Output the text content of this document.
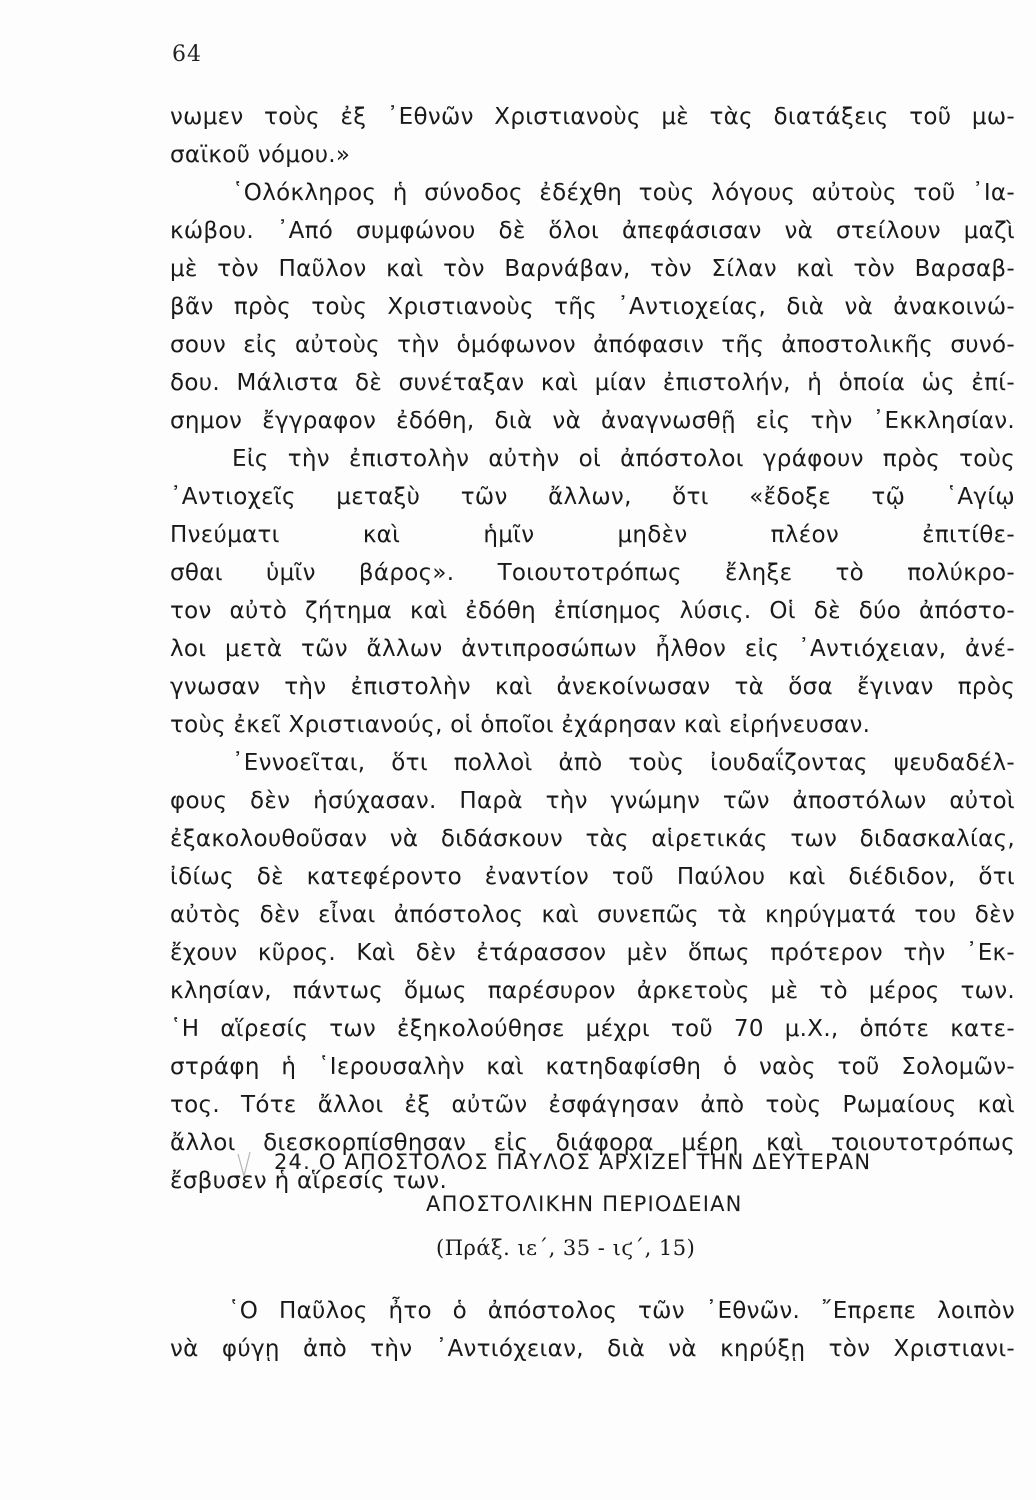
64
νωμεν τοὺς ἐξ ᾿Εθνῶν Χριστιανοὺς μὲ τὰς διατάξεις τοῦ μω-
σαϊκοῦ νόμου.»
῾Ολόκληρος ἡ σύνοδος ἐδέχθη τοὺς λόγους αὐτοὺς τοῦ ᾿Ια-
κώβου. ᾿Από συμφώνου δὲ ὅλοι ἀπεφάσισαν νὰ στείλουν μαζὶ
μὲ τὸν Παῦλον καὶ τὸν Βαρνάβαν, τὸν Σίλαν καὶ τὸν Βαρσαβ-
βᾶν πρὸς τοὺς Χριστιανοὺς τῆς ᾿Αντιοχείας, διὰ νὰ ἀνακοινώ-
σουν εἰς αὐτοὺς τὴν ὁμόφωνον ἀπόφασιν τῆς ἀποστολικῆς συνό-
δου. Μάλιστα δὲ συνέταξαν καὶ μίαν ἐπιστολήν, ἡ ὁποία ὡς ἐπί-
σημον ἔγγραφον ἐδόθη, διὰ νὰ ἀναγνωσθῇ εἰς τὴν ᾿Εκκλησίαν.
Εἰς τὴν ἐπιστολὴν αὐτὴν οἱ ἀπόστολοι γράφουν πρὸς τοὺς
᾿Αντιοχεῖς μεταξὺ τῶν ἄλλων, ὅτι «ἔδοξε τῷ ῾Αγίῳ
Πνεύματι καὶ ἡμῖν μηδὲν πλέον ἐπιτίθε-
σθαι ὑμῖν βάρος». Τοιουτοτρόπως ἔληξε τὸ πολύκρο-
τον αὐτὸ ζήτημα καὶ ἐδόθη ἐπίσημος λύσις. Οἱ δὲ δύο ἀπόστο-
λοι μετὰ τῶν ἄλλων ἀντιπροσώπων ἦλθον εἰς ᾿Αντιόχειαν, ἀνέ-
γνωσαν τὴν ἐπιστολὴν καὶ ἀνεκοίνωσαν τὰ ὅσα ἔγιναν πρὸς
τοὺς ἐκεῖ Χριστιανούς, οἱ ὁποῖοι ἐχάρησαν καὶ εἰρήνευσαν.
᾿Εννοεῖται, ὅτι πολλοὶ ἀπὸ τοὺς ἰουδαΐζοντας ψευδαδέλ-
φους δὲν ἡσύχασαν. Παρὰ τὴν γνώμην τῶν ἀποστόλων αὐτοὶ
ἐξακολουθοῦσαν νὰ διδάσκουν τὰς αἱρετικάς των διδασκαλίας,
ἰδίως δὲ κατεφέροντο ἐναντίον τοῦ Παύλου καὶ διέδιδον, ὅτι
αὐτὸς δὲν εἶναι ἀπόστολος καὶ συνεπῶς τὰ κηρύγματά του δὲν
ἔχουν κῦρος. Καὶ δὲν ἐτάρασσον μὲν ὅπως πρότερον τὴν ᾿Εκ-
κλησίαν, πάντως ὅμως παρέσυρον ἀρκετοὺς μὲ τὸ μέρος των.
῾Η αἵρεσίς των ἐξηκολούθησε μέχρι τοῦ 70 μ.Χ., ὁπότε κατε-
στράφη ἡ ῾Ιερουσαλὴν καὶ κατηδαφίσθη ὁ ναὸς τοῦ Σολομῶν-
τος. Τότε ἄλλοι ἐξ αὐτῶν ἐσφάγησαν ἀπὸ τοὺς Ρωμαίους καὶ
ἄλλοι διεσκορπίσθησαν εἰς διάφορα μέρη καὶ τοιουτοτρόπως
ἔσβυσεν ἡ αἵρεσίς των.
24. Ο ΑΠΟΣΤΟΛΟΣ ΠΑΥΛΟΣ ΑΡΧΙΖΕΙ ΤΗΝ ΔΕΥΤΕΡΑΝ
ΑΠΟΣΤΟΛΙΚΗΝ ΠΕΡΙΟΔΕΙΑΝ
(Πράξ. ιε΄, 35 - ιϛ΄, 15)
῾Ο Παῦλος ἦτο ὁ ἀπόστολος τῶν ᾿Εθνῶν. ῎Επρεπε λοιπὸν
νὰ φύγῃ ἀπὸ τὴν ᾿Αντιόχειαν, διὰ νὰ κηρύξῃ τὸν Χριστιανι-
